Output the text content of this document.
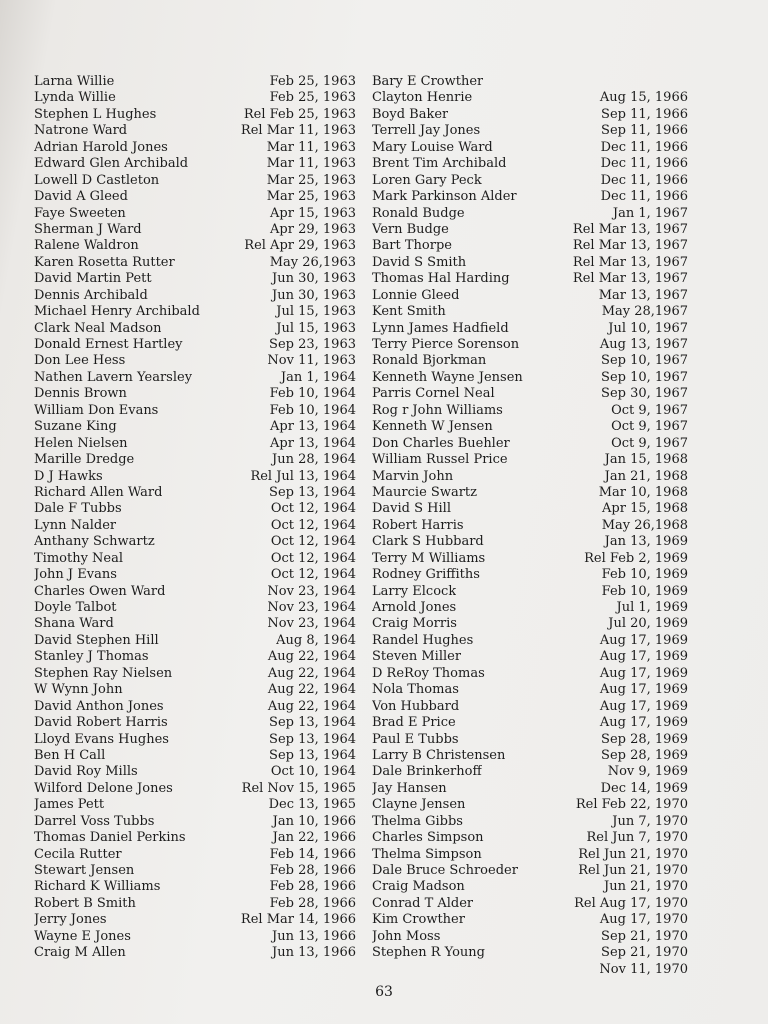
Larna Willie	Feb 25, 1963
Lynda Willie	Feb 25, 1963
Stephen L Hughes	Rel Feb 25, 1963
Natrone Ward	Rel Mar 11, 1963
Adrian Harold Jones	Mar 11, 1963
Edward Glen Archibald	Mar 11, 1963
Lowell D Castleton	Mar 25, 1963
David A Gleed	Mar 25, 1963
Faye Sweeten	Apr 15, 1963
Sherman J Ward	Apr 29, 1963
Ralene Waldron	Rel Apr 29, 1963
Karen Rosetta Rutter	May 26,1963
David Martin Pett	Jun 30, 1963
Dennis Archibald	Jun 30, 1963
Michael Henry Archibald	Jul 15, 1963
Clark Neal Madson	Jul 15, 1963
Donald Ernest Hartley	Sep 23, 1963
Don Lee Hess	Nov 11, 1963
Nathen Lavern Yearsley	Jan 1, 1964
Dennis Brown	Feb 10, 1964
William Don Evans	Feb 10, 1964
Suzane King	Apr 13, 1964
Helen Nielsen	Apr 13, 1964
Marille Dredge	Jun 28, 1964
D J Hawks	Rel Jul 13, 1964
Richard Allen Ward	Sep 13, 1964
Dale F Tubbs	Oct 12, 1964
Lynn Nalder	Oct 12, 1964
Anthany Schwartz	Oct 12, 1964
Timothy Neal	Oct 12, 1964
John J Evans	Oct 12, 1964
Charles Owen Ward	Nov 23, 1964
Doyle Talbot	Nov 23, 1964
Shana Ward	Nov 23, 1964
David Stephen Hill	Aug 8, 1964
Stanley J Thomas	Aug 22, 1964
Stephen Ray Nielsen	Aug 22, 1964
W Wynn John	Aug 22, 1964
David Anthon Jones	Aug 22, 1964
David Robert Harris	Sep 13, 1964
Lloyd Evans Hughes	Sep 13, 1964
Ben H Call	Sep 13, 1964
David Roy Mills	Oct 10, 1964
Wilford Delone Jones	Rel Nov 15, 1965
James Pett	Dec 13, 1965
Darrel Voss Tubbs	Jan 10, 1966
Thomas Daniel Perkins	Jan 22, 1966
Cecila Rutter	Feb 14, 1966
Stewart Jensen	Feb 28, 1966
Richard K Williams	Feb 28, 1966
Robert B Smith	Feb 28, 1966
Jerry Jones	Rel Mar 14, 1966
Wayne E Jones	Jun 13, 1966
Craig M Allen	Jun 13, 1966
Bary E Crowther
Clayton Henrie	Aug 15, 1966
Boyd Baker	Sep 11, 1966
Terrell Jay Jones	Sep 11, 1966
Mary Louise Ward	Dec 11, 1966
Brent Tim Archibald	Dec 11, 1966
Loren Gary Peck	Dec 11, 1966
Mark Parkinson Alder	Dec 11, 1966
Ronald Budge	Jan 1, 1967
Vern Budge	Rel Mar 13, 1967
Bart Thorpe	Rel Mar 13, 1967
David S Smith	Rel Mar 13, 1967
Thomas Hal Harding	Rel Mar 13, 1967
Lonnie Gleed	Mar 13, 1967
Kent Smith	May 28,1967
Lynn James Hadfield	Jul 10, 1967
Terry Pierce Sorenson	Aug 13, 1967
Ronald Bjorkman	Sep 10, 1967
Kenneth Wayne Jensen	Sep 10, 1967
Parris Cornel Neal	Sep 30, 1967
Rog r John Williams	Oct 9, 1967
Kenneth W Jensen	Oct 9, 1967
Don Charles Buehler	Oct 9, 1967
William Russel Price	Jan 15, 1968
Marvin John	Jan 21, 1968
Maurcie Swartz	Mar 10, 1968
David S Hill	Apr 15, 1968
Robert Harris	May 26,1968
Clark S Hubbard	Jan 13, 1969
Terry M Williams	Rel Feb 2, 1969
Rodney Griffiths	Feb 10, 1969
Larry Elcock	Feb 10, 1969
Arnold Jones	Jul 1, 1969
Craig Morris	Jul 20, 1969
Randel Hughes	Aug 17, 1969
Steven Miller	Aug 17, 1969
D ReRoy Thomas	Aug 17, 1969
Nola Thomas	Aug 17, 1969
Von Hubbard	Aug 17, 1969
Brad E Price	Aug 17, 1969
Paul E Tubbs	Sep 28, 1969
Larry B Christensen	Sep 28, 1969
Dale Brinkerhoff	Nov 9, 1969
Jay Hansen	Dec 14, 1969
Clayne Jensen	Rel Feb 22, 1970
Thelma Gibbs	Jun 7, 1970
Charles Simpson	Rel Jun 7, 1970
Thelma Simpson	Rel Jun 21, 1970
Dale Bruce Schroeder	Rel Jun 21, 1970
Craig Madson	Jun 21, 1970
Conrad T Alder	Rel Aug 17, 1970
Kim Crowther	Aug 17, 1970
John Moss	Sep 21, 1970
Stephen R Young	Sep 21, 1970
Nov 11, 1970
63
